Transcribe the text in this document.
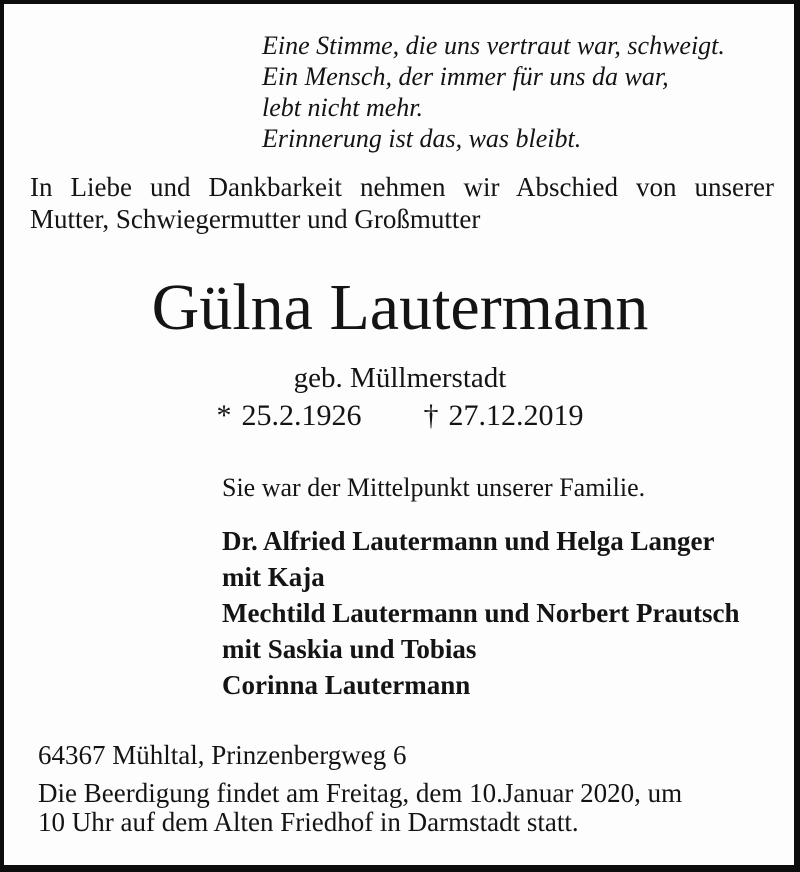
Eine Stimme, die uns vertraut war, schweigt.
Ein Mensch, der immer für uns da war,
lebt nicht mehr.
Erinnerung ist das, was bleibt.
In Liebe und Dankbarkeit nehmen wir Abschied von unserer
Mutter, Schwiegermutter und Großmutter
Gülna Lautermann
geb. Müllmerstadt
* 25.2.1926 † 27.12.2019
Sie war der Mittelpunkt unserer Familie.
Dr. Alfried Lautermann und Helga Langer
mit Kaja
Mechtild Lautermann und Norbert Prautsch
mit Saskia und Tobias
Corinna Lautermann
64367 Mühltal, Prinzenbergweg 6
Die Beerdigung findet am Freitag, dem 10.Januar 2020, um
10 Uhr auf dem Alten Friedhof in Darmstadt statt.
